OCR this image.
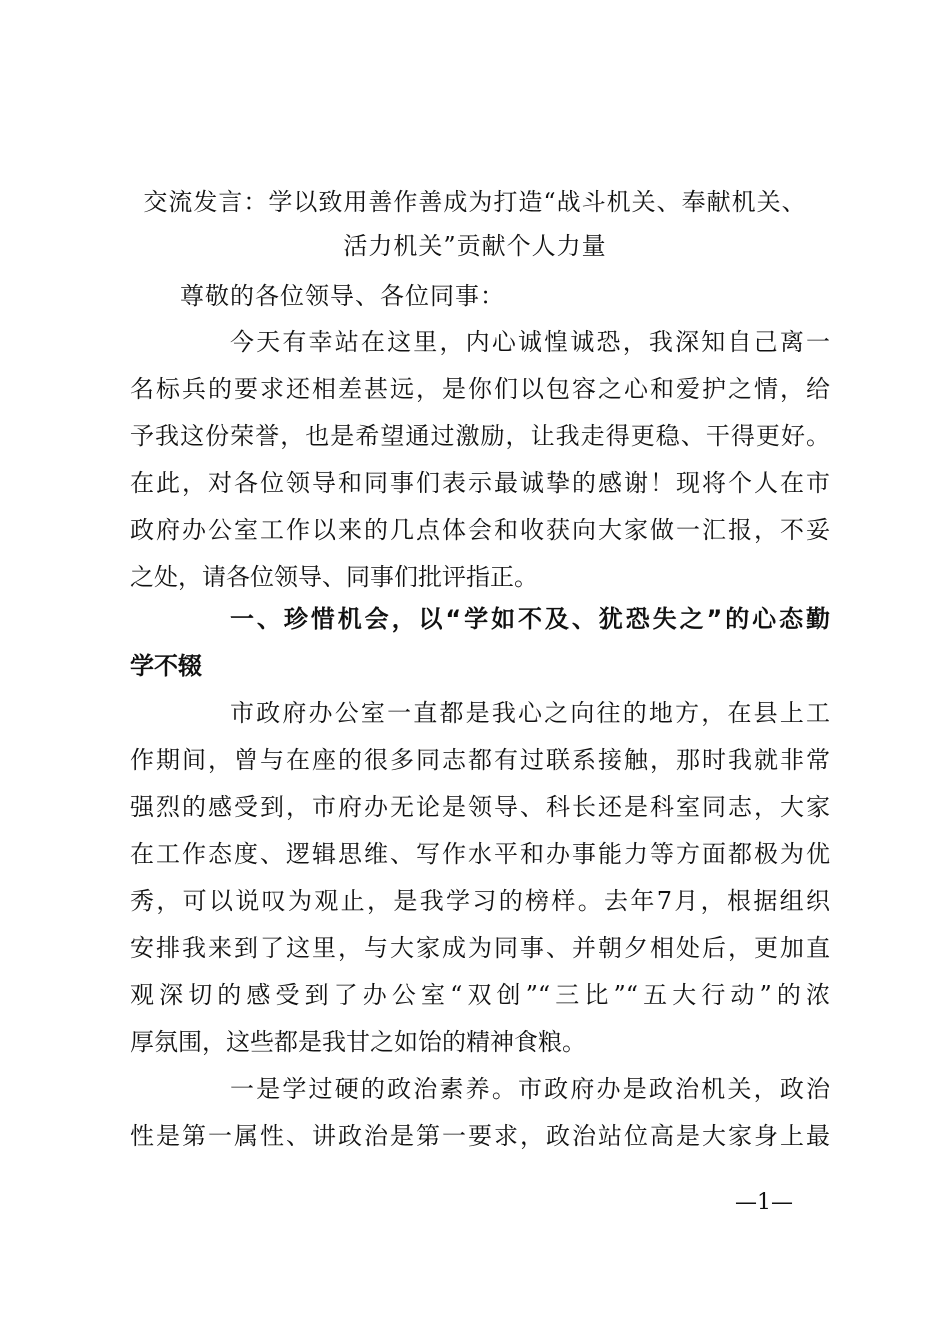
交流发言：学以致用善作善成为打造“战斗机关、奉献机关、
活力机关”贡献个人力量
尊敬的各位领导、各位同事：
今天有幸站在这里，内心诚惶诚恐，我深知自己离一
名标兵的要求还相差甚远，是你们以包容之心和爱护之情，给
予我这份荣誉，也是希望通过激励，让我走得更稳、干得更好。
在此，对各位领导和同事们表示最诚挚的感谢！现将个人在市
政府办公室工作以来的几点体会和收获向大家做一汇报，不妥
之处，请各位领导、同事们批评指正。
一、珍惜机会，以“学如不及、犹恐失之”的心态勤
学不辍
市政府办公室一直都是我心之向往的地方，在县上工
作期间，曾与在座的很多同志都有过联系接触，那时我就非常
强烈的感受到，市府办无论是领导、科长还是科室同志，大家
在工作态度、逻辑思维、写作水平和办事能力等方面都极为优
秀，可以说叹为观止，是我学习的榜样。去年7月，根据组织
安排我来到了这里，与大家成为同事、并朝夕相处后，更加直
观深切的感受到了办公室“双创”“三比”“五大行动”的浓
厚氛围，这些都是我甘之如饴的精神食粮。
一是学过硬的政治素养。市政府办是政治机关，政治
性是第一属性、讲政治是第一要求，政治站位高是大家身上最
—1—
